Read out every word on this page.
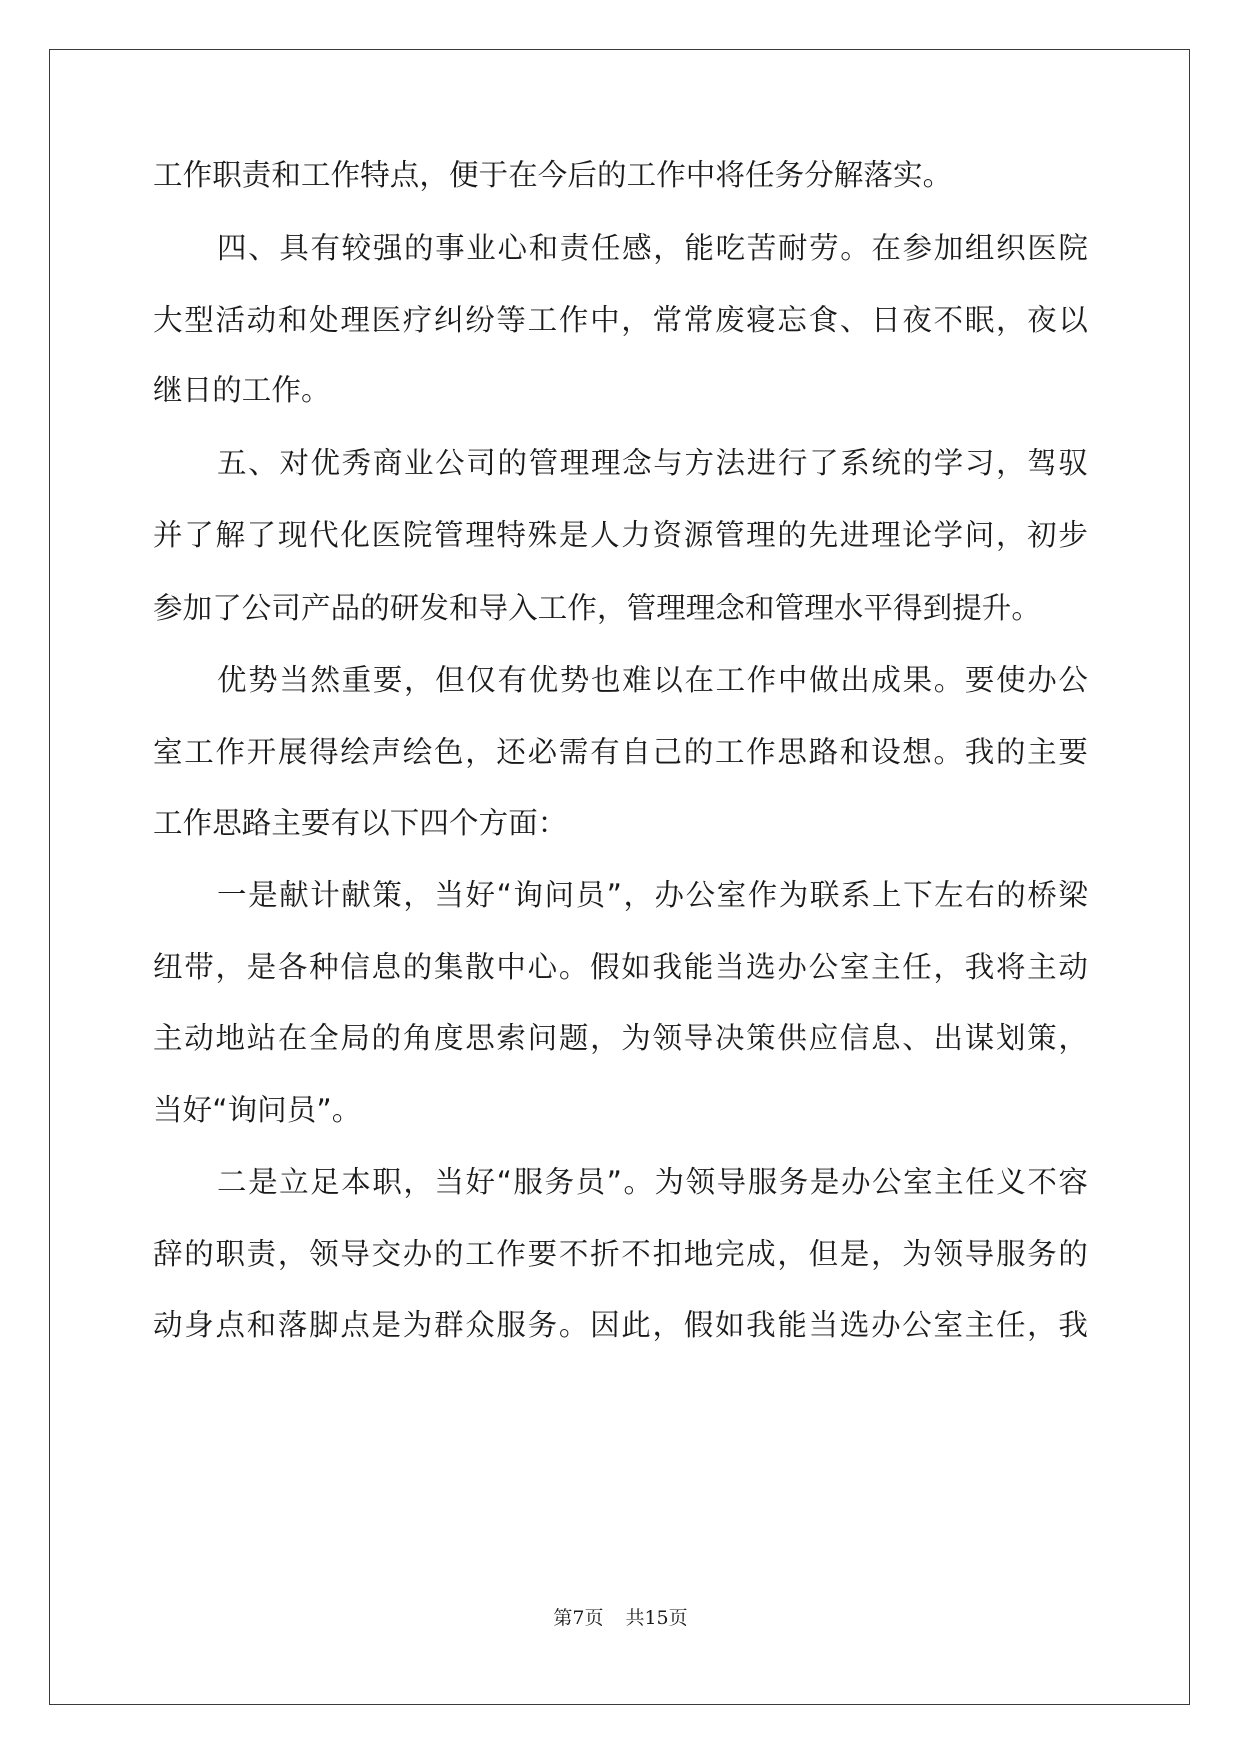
工作职责和工作特点，便于在今后的工作中将任务分解落实。
四、具有较强的事业心和责任感，能吃苦耐劳。在参加组织医院
大型活动和处理医疗纠纷等工作中，常常废寝忘食、日夜不眠，夜以
继日的工作。
五、对优秀商业公司的管理理念与方法进行了系统的学习，驾驭
并了解了现代化医院管理特殊是人力资源管理的先进理论学问，初步
参加了公司产品的研发和导入工作，管理理念和管理水平得到提升。
优势当然重要，但仅有优势也难以在工作中做出成果。要使办公
室工作开展得绘声绘色，还必需有自己的工作思路和设想。我的主要
工作思路主要有以下四个方面：
一是献计献策，当好“询问员”，办公室作为联系上下左右的桥梁
纽带，是各种信息的集散中心。假如我能当选办公室主任，我将主动
主动地站在全局的角度思索问题，为领导决策供应信息、出谋划策，
当好“询问员”。
二是立足本职，当好“服务员”。为领导服务是办公室主任义不容
辞的职责，领导交办的工作要不折不扣地完成，但是，为领导服务的
动身点和落脚点是为群众服务。因此，假如我能当选办公室主任，我
第7页 共15页
